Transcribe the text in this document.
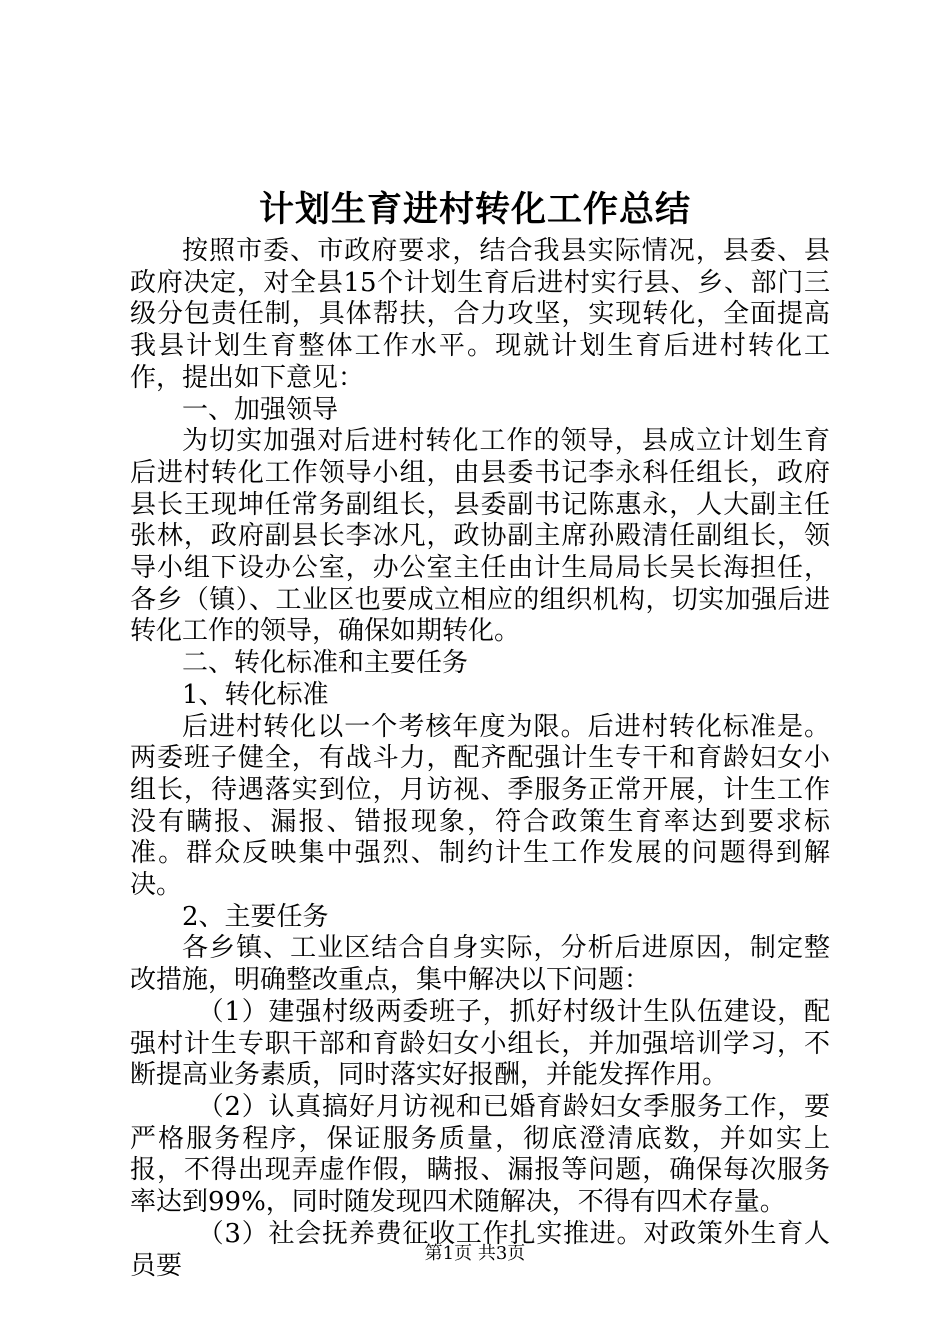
计划生育进村转化工作总结

按照市委、市政府要求，结合我县实际情况，县委、县政府决定，对全县15个计划生育后进村实行县、乡、部门三级分包责任制，具体帮扶，合力攻坚，实现转化，全面提高我县计划生育整体工作水平。现就计划生育后进村转化工作，提出如下意见：

一、加强领导

为切实加强对后进村转化工作的领导，县成立计划生育后进村转化工作领导小组，由县委书记李永科任组长，政府县长王现坤任常务副组长，县委副书记陈惠永，人大副主任张林，政府副县长李冰凡，政协副主席孙殿清任副组长，领导小组下设办公室，办公室主任由计生局局长吴长海担任，各乡（镇）、工业区也要成立相应的组织机构，切实加强后进转化工作的领导，确保如期转化。

二、转化标准和主要任务

1、转化标准

后进村转化以一个考核年度为限。后进村转化标准是。两委班子健全，有战斗力，配齐配强计生专干和育龄妇女小组长，待遇落实到位，月访视、季服务正常开展，计生工作没有瞒报、漏报、错报现象，符合政策生育率达到要求标准。群众反映集中强烈、制约计生工作发展的问题得到解决。

2、主要任务

各乡镇、工业区结合自身实际，分析后进原因，制定整改措施，明确整改重点，集中解决以下问题：

（1）建强村级两委班子，抓好村级计生队伍建设，配强村计生专职干部和育龄妇女小组长，并加强培训学习，不断提高业务素质，同时落实好报酬，并能发挥作用。

（2）认真搞好月访视和已婚育龄妇女季服务工作，要严格服务程序，保证服务质量，彻底澄清底数，并如实上报，不得出现弄虚作假，瞒报、漏报等问题，确保每次服务率达到99%，同时随发现四术随解决，不得有四术存量。

（3）社会抚养费征收工作扎实推进。对政策外生育人员要	第1页 共3页
